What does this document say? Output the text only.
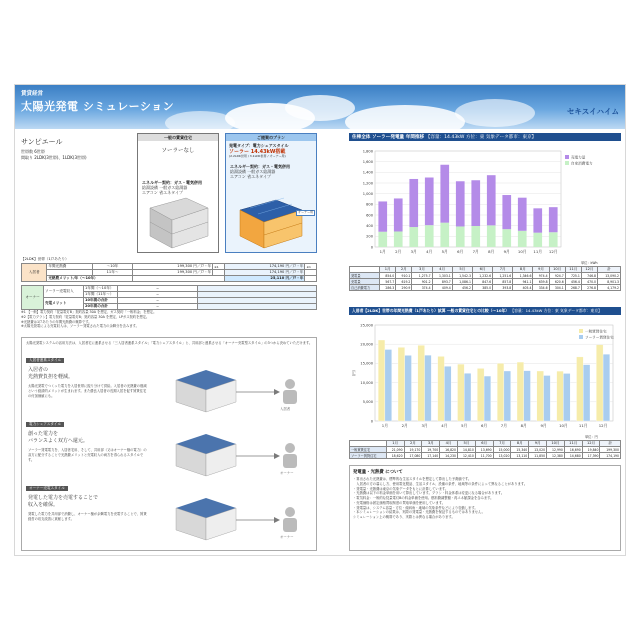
賃貸経営
太陽光発電 シミュレーション	セキスイハイム
サンピエール
世帯数 6世帯
間取り 2LDK(3世帯)、1LDK(3世帯)
一般の賃貸住宅
ソーラーなし
エネルギー契約：ガス・電気併用
給湯設備 一般ガス給湯器
エアコン 省エネタイプ
ご提案のプラン
発電タイプ：電力シェアスタイル
ソーラー 14.43kW搭載
(2.2LDK世帯 / 3.1LDK世帯 / オーナー用)
エネルギー契約：ガス・電気併用
給湯設備 一般ガス給湯器
エアコン 省エネタイプ
オーナー用
【2LDK】世帯（1戸あたり）
入居者	年間光熱費	〜10年	199,300 円／戸・年	※1	174,190 円／戸・年	※1
		11年〜	199,300 円／戸・年		174,190 円／戸・年	
	光熱費メリット/年（〜10年）				25,110 円／戸・年	
オーナー	ソーラー売電収入	1年間（〜10年）	−	
		1年間（11年〜）	−	
	売電メリット	10年間の合計	−	
		20年間の合計	−	
※1 【一般】電力契約「従量電灯B」契約容量 30A を想定、ガス契約「一般料金」を想定。
※2【電力プラン】電力契約「従量電灯B」契約容量 30A を想定、LPガス契約を想定。
※光熱費は1戸あたりの年間光熱費の概算です。
※太陽光発電による売電収入は、ソーラー発電された電力の余剰分を含みます。
太陽光発電システムの活用方法は、入居者宅に連系させる「三入居者連系スタイル」「電力シェアスタイル」と、共用部と連系させる「オーナー売電型スタイル」の3つから決めていただけます。
入居者連系スタイル
入居者の
光熱費負担を軽減。
太陽光発電でつくった電力を入居世帯に振り分けて供給。入居者の光熱費の削減という経済的メリットが生まれます。また優良入居者の長期入居を促す賃貸住宅の付加価値にも。
入居者
電力シェアスタイル
創った電力を
バランスよく双方へ還元。
ソーラー発電電力を、入居者宅用、そして、共用部（又はオーナー様の電力）の双方に配分することで光熱費メリットと売電収入の両方を得られるスタイルです。
オーナー
オーナー売電スタイル
発電した電力を売電することで
収入を確保。
発電した電力を共用部で消費し、オーナー様が余剰電力を売電することで、賃貸経営の収支改善に貢献します。
オーナー
住棟全体 ソーラー発電量 年間推移 【容量：14.43kW 方位：東 気象データ都市：東京】
0
200
400
600
800
1,000
1,200
1,400
1,600
1,800
1月 2月 3月 4月 5月 6月 7月 8月 9月 10月 11月 12月
売電力量
自家消費電力
単位：kWh
	1月	2月	3月	4月	5月	6月	7月	8月	9月	10月	11月	12月	計
発電量	854.0	910.1	1,275.7	1,303.1	1,542.3	1,232.6	1,251.6	1,346.6	974.4	924.7	725.1	746.8	13,090.2
売電量	567.7	619.2	901.2	893.7	1,086.1	847.6	857.8	941.1	639.8	620.6	456.4	470.0	8,901.3
自己消費電力	286.3	290.9	374.4	409.4	456.2	385.0	393.8	405.4	334.6	304.1	268.7	276.8	4,179.2
入居者【2LDK】世帯の年間光熱費（1戸あたり）試算 一般の賃貸住宅との比較（〜10年） 【容量：14.43kW 方位：東 気象データ都市：東京】
0
5,000
10,000
15,000
20,000
25,000
1月	2月	3月	4月	5月	6月	7月	8月	9月	10月	11月	12月
（円）
一般賃貸住宅
ソーラー賃貸住宅
単位：円
	1月	2月	3月	4月	5月	6月	7月	8月	9月	10月	11月	12月	計
一般賃貸住宅	21,090	19,170	19,700	16,820	14,810	13,690	15,000	15,340	13,020	12,990	16,690	19,840	199,300
ソーラー賃貸住宅	18,620	17,080	17,140	14,230	12,410	11,700	13,020	13,110	11,850	12,380	14,680	17,390	174,190
発電量・光熱費 について
・算出された光熱費は、標準的な生活スタイルを想定して算出した予測値です。
　入居者の方の暮らし方、使用電化製品、生活スタイル、設備の条件、地域等の条件によって異なることがあります。
・発電量・光熱費は東京の気象データをもとに計算しています。
・光熱費は以下の料金単価を用いて算出しています。プラン・料金体系は変更になる場合があります。
・電気料金：一般的な従量電灯Bの料金単価を使用。燃料費調整額・再エネ賦課金を含みます。
・売電価格は固定価格買取制度の買取単価を使用しています。
・発電量は、システム容量・方位・傾斜角・地域の気象条件などにより変動します。
・本シミュレーションの結果は、実際の発電量・光熱費を保証するものではありません。
シミュレーション上の概算であり、実際とは異なる場合があります。
